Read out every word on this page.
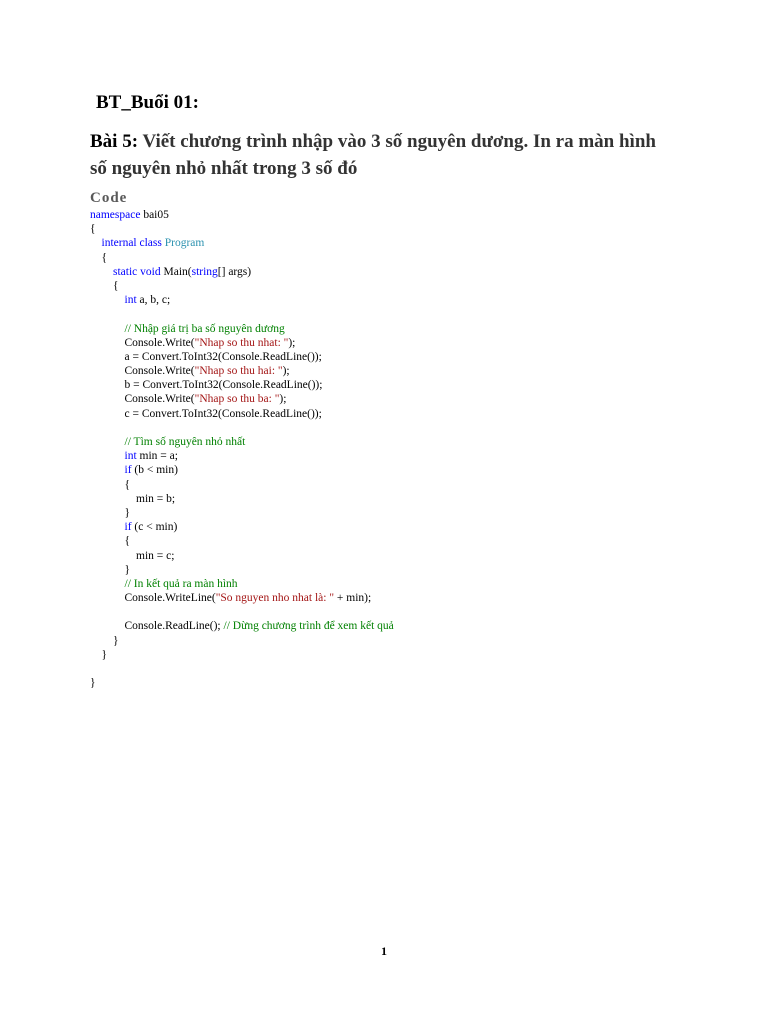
BT_Buổi 01:
Bài 5: Viết chương trình nhập vào 3 số nguyên dương. In ra màn hình số nguyên nhỏ nhất trong 3 số đó
Code
namespace bai05
{
internal class Program
{
static void Main(string[] args)
{
int a, b, c;
// Nhập giá trị ba số nguyên dương
Console.Write("Nhap so thu nhat: ");
a = Convert.ToInt32(Console.ReadLine());
Console.Write("Nhap so thu hai: ");
b = Convert.ToInt32(Console.ReadLine());
Console.Write("Nhap so thu ba: ");
c = Convert.ToInt32(Console.ReadLine());
// Tìm số nguyên nhỏ nhất
int min = a;
if (b < min)
{
min = b;
}
if (c < min)
{
min = c;
}
// In kết quả ra màn hình
Console.WriteLine("So nguyen nho nhat là: " + min);
Console.ReadLine(); // Dừng chương trình để xem kết quả
}
}
}
1
